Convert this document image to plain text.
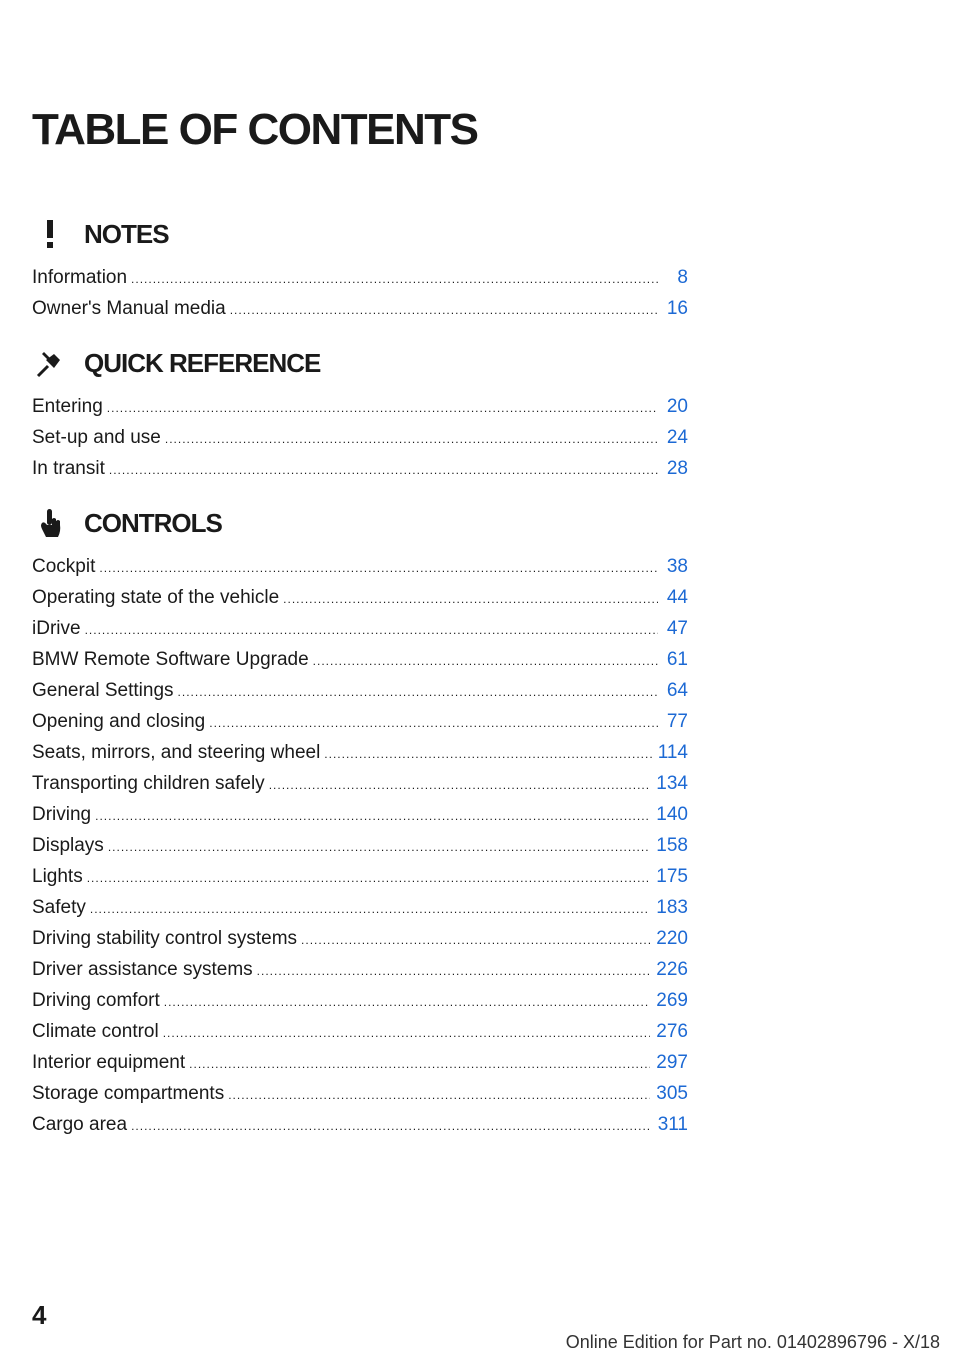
TABLE OF CONTENTS
NOTES
Information .....	8
Owner's Manual media .....	16
QUICK REFERENCE
Entering .....	20
Set-up and use .....	24
In transit .....	28
CONTROLS
Cockpit .....	38
Operating state of the vehicle .....	44
iDrive .....	47
BMW Remote Software Upgrade .....	61
General Settings .....	64
Opening and closing .....	77
Seats, mirrors, and steering wheel .....	114
Transporting children safely .....	134
Driving .....	140
Displays .....	158
Lights .....	175
Safety .....	183
Driving stability control systems .....	220
Driver assistance systems .....	226
Driving comfort .....	269
Climate control .....	276
Interior equipment .....	297
Storage compartments .....	305
Cargo area .....	311
4
Online Edition for Part no. 01402896796 - X/18
